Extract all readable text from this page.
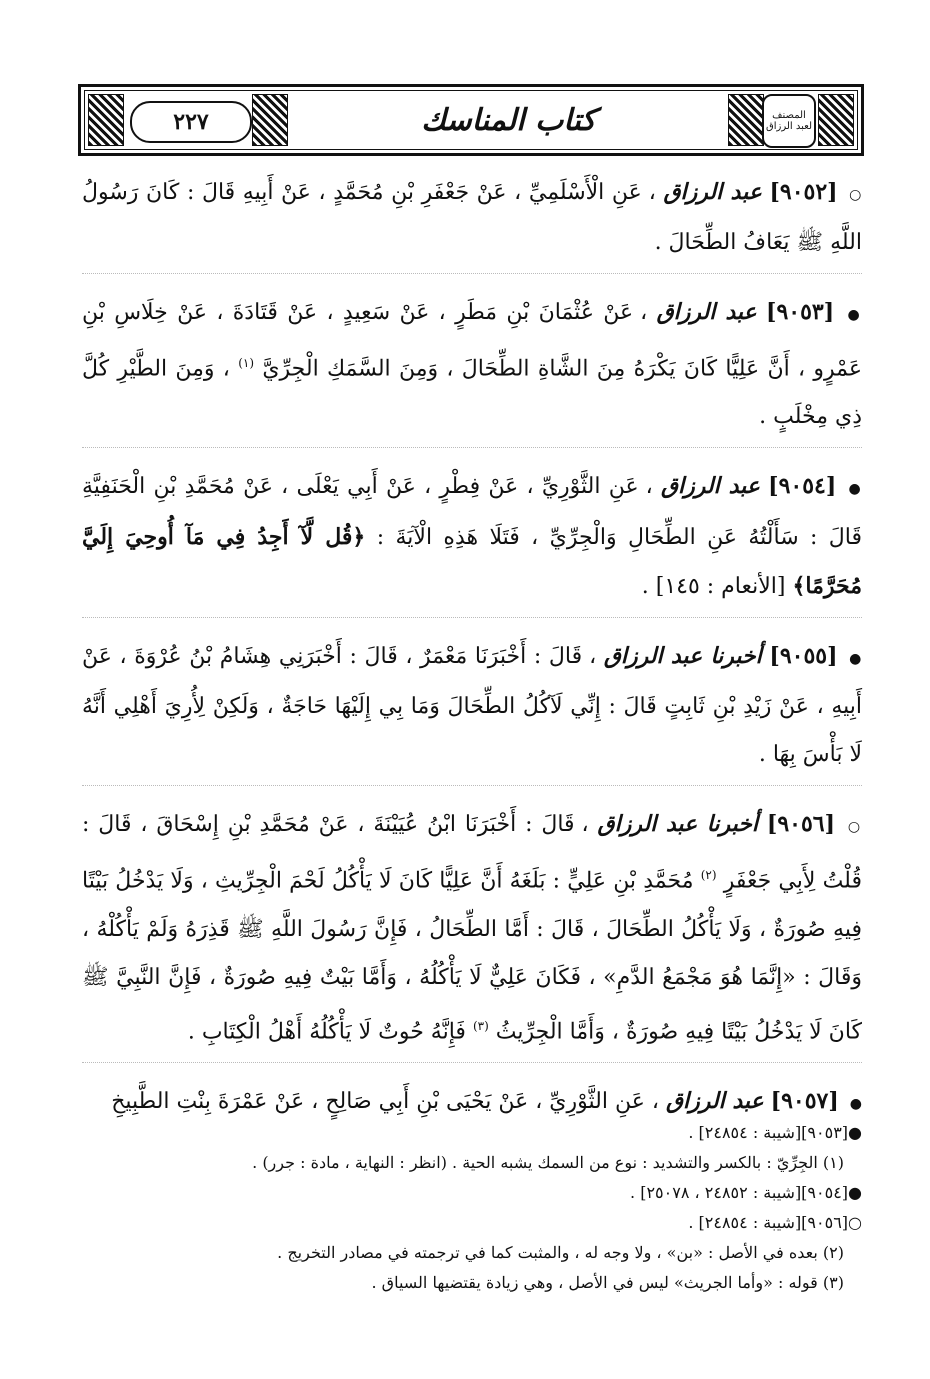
٢٢٧	كتاب المناسك	المصنف لعبد الرزاق
○ [٩٠٥٢] عبد الرزاق ، عَنِ الْأَسْلَمِيِّ ، عَنْ جَعْفَرِ بْنِ مُحَمَّدٍ ، عَنْ أَبِيهِ قَالَ : كَانَ رَسُولُ اللَّهِ ﷺ يَعَافُ الطِّحَالَ .
● [٩٠٥٣] عبد الرزاق ، عَنْ عُثْمَانَ بْنِ مَطَرٍ ، عَنْ سَعِيدٍ ، عَنْ قَتَادَةَ ، عَنْ خِلَاسِ بْنِ عَمْرٍو ، أَنَّ عَلِيًّا كَانَ يَكْرَهُ مِنَ الشَّاةِ الطِّحَالَ ، وَمِنَ السَّمَكِ الْجِرِّيَّ $^{(١)}$ ، وَمِنَ الطَّيْرِ كُلَّ ذِي مِخْلَبٍ .
● [٩٠٥٤] عبد الرزاق ، عَنِ الثَّوْرِيِّ ، عَنْ فِطْرٍ ، عَنْ أَبِي يَعْلَى ، عَنْ مُحَمَّدِ بْنِ الْحَنَفِيَّةِ قَالَ : سَأَلْتُهُ عَنِ الطِّحَالِ وَالْجِرِّيِّ ، فَتَلَا هَذِهِ الْآيَةَ : ﴿قُل لَّآ أَجِدُ فِي مَآ أُوحِيَ إِلَيَّ مُحَرَّمًا﴾ [الأنعام : ١٤٥] .
● [٩٠٥٥] أخبرنا عبد الرزاق ، قَالَ : أَخْبَرَنَا مَعْمَرٌ ، قَالَ : أَخْبَرَنِي هِشَامُ بْنُ عُرْوَةَ ، عَنْ أَبِيهِ ، عَنْ زَيْدِ بْنِ ثَابِتٍ قَالَ : إِنِّي لَآكُلُ الطِّحَالَ وَمَا بِي إِلَيْهَا حَاجَةٌ ، وَلَكِنْ لِأُرِيَ أَهْلِي أَنَّهُ لَا بَأْسَ بِهَا .
○ [٩٠٥٦] أخبرنا عبد الرزاق ، قَالَ : أَخْبَرَنَا ابْنُ عُيَيْنَةَ ، عَنْ مُحَمَّدِ بْنِ إِسْحَاقَ ، قَالَ : قُلْتُ لِأَبِي جَعْفَرٍ $^{(٢)}$ مُحَمَّدِ بْنِ عَلِيٍّ : بَلَغَهُ أَنَّ عَلِيًّا كَانَ لَا يَأْكُلُ لَحْمَ الْجِرِّيثِ ، وَلَا يَدْخُلُ بَيْتًا فِيهِ صُورَةٌ ، وَلَا يَأْكُلُ الطِّحَالَ ، قَالَ : أَمَّا الطِّحَالُ ، فَإِنَّ رَسُولَ اللَّهِ ﷺ قَذِرَهُ وَلَمْ يَأْكُلْهُ ، وَقَالَ : «إِنَّمَا هُوَ مَجْمَعُ الدَّمِ» ، فَكَانَ عَلِيٌّ لَا يَأْكُلُهُ ، وَأَمَّا بَيْتٌ فِيهِ صُورَةٌ ، فَإِنَّ النَّبِيَّ ﷺ كَانَ لَا يَدْخُلُ بَيْتًا فِيهِ صُورَةٌ ، وَأَمَّا الْجِرِّيثُ $^{(٣)}$ فَإِنَّهُ حُوتٌ لَا يَأْكُلُهُ أَهْلُ الْكِتَابِ .
● [٩٠٥٧] عبد الرزاق ، عَنِ الثَّوْرِيِّ ، عَنْ يَحْيَى بْنِ أَبِي صَالِحٍ ، عَنْ عَمْرَةَ بِنْتِ الطَّبِيخِ

●[٩٠٥٣][شيبة : ٢٤٨٥٤] .

(١) الجِرِّيّ : بالكسر والتشديد : نوع من السمك يشبه الحية . (انظر : النهاية ، مادة : جرر) .

●[٩٠٥٤][شيبة : ٢٤٨٥٢ ، ٢٥٠٧٨] .

○[٩٠٥٦][شيبة : ٢٤٨٥٤] .

(٢) بعده في الأصل : «بن» ، ولا وجه له ، والمثبت كما في ترجمته في مصادر التخريج .

(٣) قوله : «وأما الجريث» ليس في الأصل ، وهي زيادة يقتضيها السياق .
